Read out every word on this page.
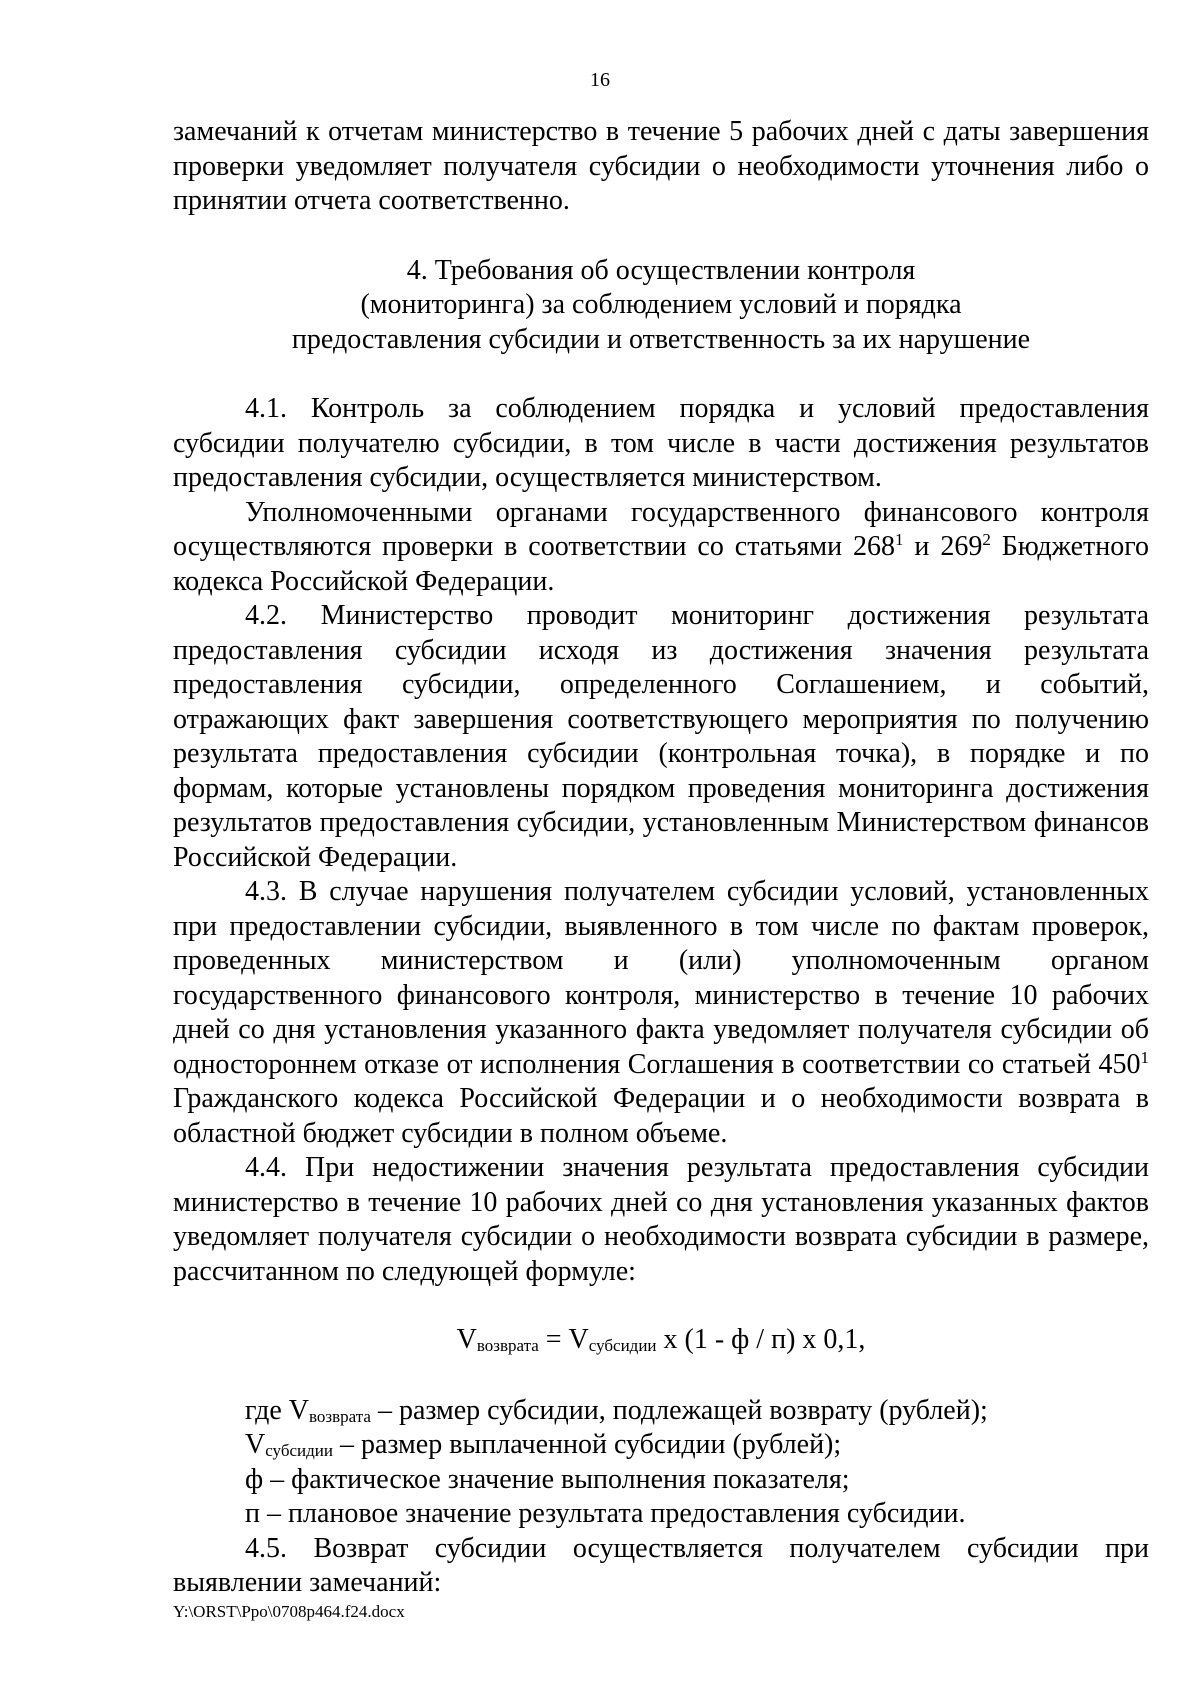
16

замечаний к отчетам министерство в течение 5 рабочих дней с даты завершения проверки уведомляет получателя субсидии о необходимости уточнения либо о принятии отчета соответственно.

4. Требования об осуществлении контроля
(мониторинга) за соблюдением условий и порядка
предоставления субсидии и ответственность за их нарушение

4.1. Контроль за соблюдением порядка и условий предоставления субсидии получателю субсидии, в том числе в части достижения результатов предоставления субсидии, осуществляется министерством.

Уполномоченными органами государственного финансового контроля осуществляются проверки в соответствии со статьями $268^1$ и $269^2$ Бюджетного кодекса Российской Федерации.

4.2. Министерство проводит мониторинг достижения результата предоставления субсидии исходя из достижения значения результата предоставления субсидии, определенного Соглашением, и событий, отражающих факт завершения соответствующего мероприятия по получению результата предоставления субсидии (контрольная точка), в порядке и по формам, которые установлены порядком проведения мониторинга достижения результатов предоставления субсидии, установленным Министерством финансов Российской Федерации.

4.3. В случае нарушения получателем субсидии условий, установленных при предоставлении субсидии, выявленного в том числе по фактам проверок, проведенных министерством и (или) уполномоченным органом государственного финансового контроля, министерство в течение 10 рабочих дней со дня установления указанного факта уведомляет получателя субсидии об одностороннем отказе от исполнения Соглашения в соответствии со статьей $450^1$ Гражданского кодекса Российской Федерации и о необходимости возврата в областной бюджет субсидии в полном объеме.

4.4. При недостижении значения результата предоставления субсидии министерство в течение 10 рабочих дней со дня установления указанных фактов уведомляет получателя субсидии о необходимости возврата субсидии в размере, рассчитанном по следующей формуле:

$V_{возврата} = V_{субсидии}$ x (1 - ф / п) x 0,1,

где $V_{возврата}$ – размер субсидии, подлежащей возврату (рублей);

$V_{субсидии}$ – размер выплаченной субсидии (рублей);

ф – фактическое значение выполнения показателя;

п – плановое значение результата предоставления субсидии.

4.5. Возврат субсидии осуществляется получателем субсидии при выявлении замечаний:

Y:\ORST\Ppo\0708p464.f24.docx
